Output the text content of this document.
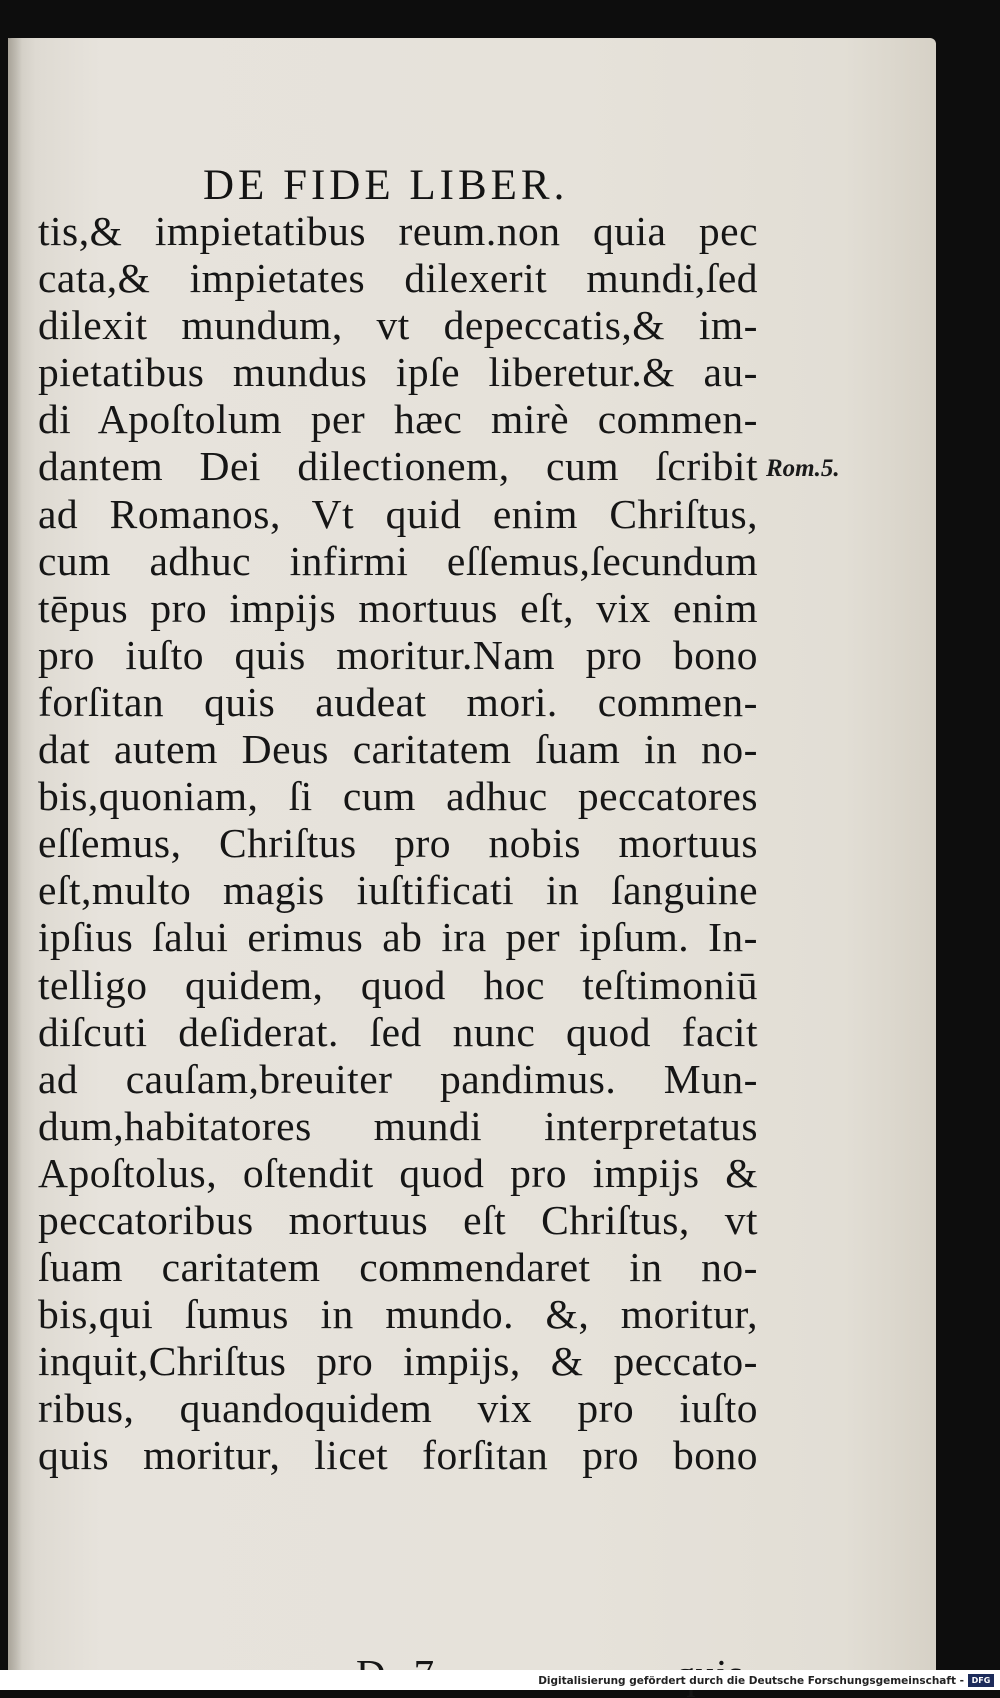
DE FIDE LIBER.
tis,& impietatibus reum.non quia pec
cata,& impietates dilexerit mundi,ſed
dilexit mundum, vt depeccatis,& im-
pietatibus mundus ipſe liberetur.& au-
di Apoſtolum per hæc mirè commen-
dantem Dei dilectionem, cum ſcribit
ad Romanos, Vt quid enim Chriſtus,
cum adhuc infirmi eſſemus,ſecundum
tēpus pro impijs mortuus eſt, vix enim
pro iuſto quis moritur.Nam pro bono
forſitan quis audeat mori. commen-
dat autem Deus caritatem ſuam in no-
bis,quoniam, ſi cum adhuc peccatores
eſſemus, Chriſtus pro nobis mortuus
eſt,multo magis iuſtificati in ſanguine
ipſius ſalui erimus ab ira per ipſum. In-
telligo quidem, quod hoc teſtimoniū
diſcuti deſiderat. ſed nunc quod facit
ad cauſam,breuiter pandimus. Mun-
dum,habitatores mundi interpretatus
Apoſtolus, oſtendit quod pro impijs &
peccatoribus mortuus eſt Chriſtus, vt
ſuam caritatem commendaret in no-
bis,qui ſumus in mundo. &, moritur,
inquit,Chriſtus pro impijs, & peccato-
ribus, quandoquidem vix pro iuſto
quis moritur, licet forſitan pro bono
Rom.5.
Digitalisierung gefördert durch die Deutsche Forschungsgemeinschaft - DFG
